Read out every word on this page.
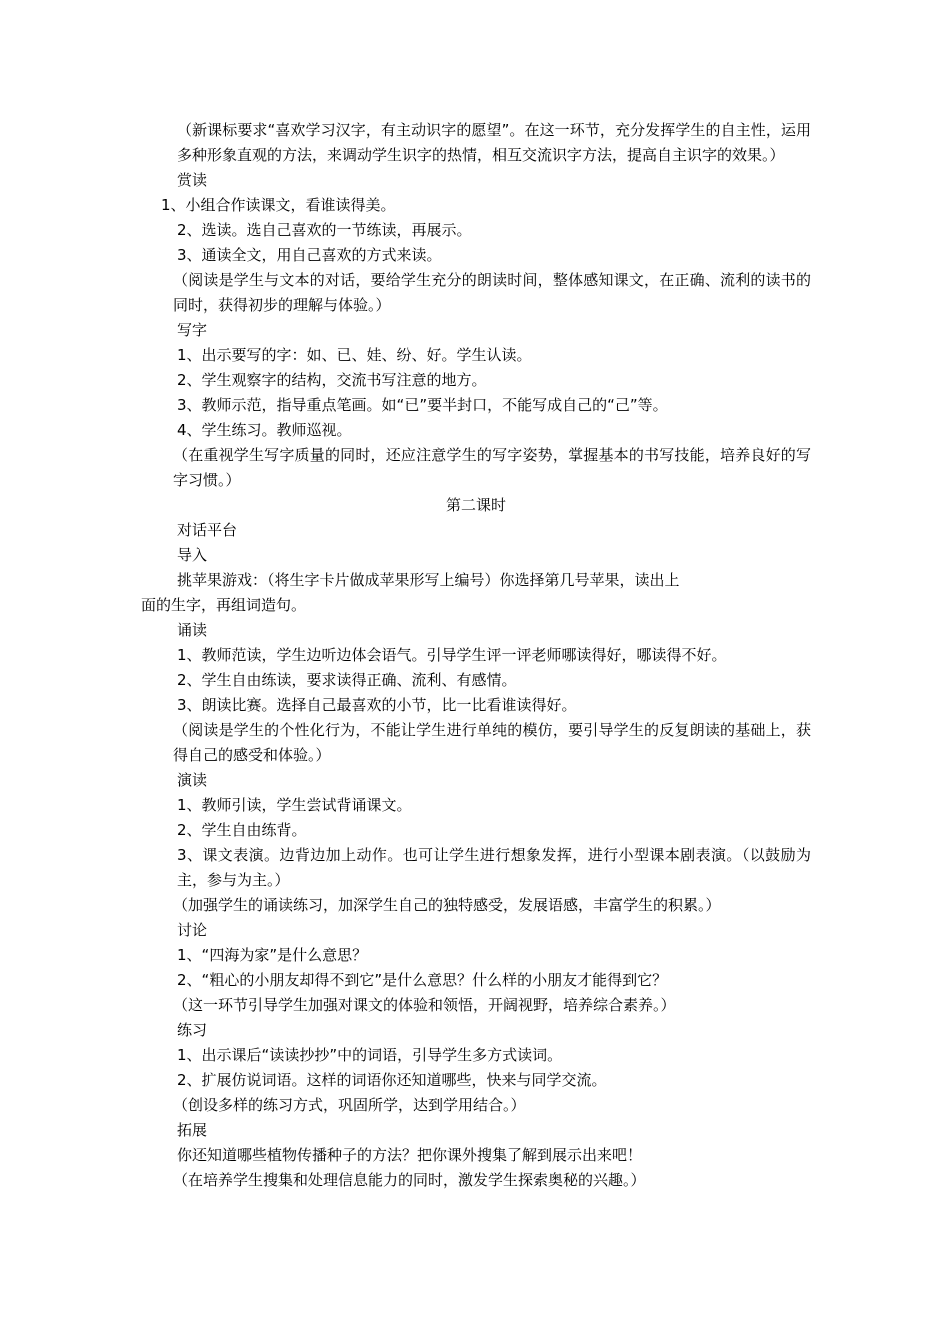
（新课标要求“喜欢学习汉字，有主动识字的愿望”。在这一环节，充分发挥学生的自主性，运用多种形象直观的方法，来调动学生识字的热情，相互交流识字方法，提高自主识字的效果。）

赏读

1、小组合作读课文，看谁读得美。

2、选读。选自己喜欢的一节练读，再展示。

3、通读全文，用自己喜欢的方式来读。

（阅读是学生与文本的对话，要给学生充分的朗读时间，整体感知课文，在正确、流利的读书的同时，获得初步的理解与体验。）

写字

1、出示要写的字：如、已、娃、纷、好。学生认读。

2、学生观察字的结构，交流书写注意的地方。

3、教师示范，指导重点笔画。如“已”要半封口，不能写成自己的“己”等。

4、学生练习。教师巡视。

（在重视学生写字质量的同时，还应注意学生的写字姿势，掌握基本的书写技能，培养良好的写字习惯。）

第二课时

对话平台

导入

挑苹果游戏：（将生字卡片做成苹果形写上编号）你选择第几号苹果，读出上

面的生字，再组词造句。

诵读

1、教师范读，学生边听边体会语气。引导学生评一评老师哪读得好，哪读得不好。

2、学生自由练读，要求读得正确、流利、有感情。

3、朗读比赛。选择自己最喜欢的小节，比一比看谁读得好。

（阅读是学生的个性化行为，不能让学生进行单纯的模仿，要引导学生的反复朗读的基础上，获得自己的感受和体验。）

演读

1、教师引读，学生尝试背诵课文。

2、学生自由练背。

3、课文表演。边背边加上动作。也可让学生进行想象发挥，进行小型课本剧表演。（以鼓励为主，参与为主。）

（加强学生的诵读练习，加深学生自己的独特感受，发展语感，丰富学生的积累。）

讨论

1、“四海为家”是什么意思？

2、“粗心的小朋友却得不到它”是什么意思？什么样的小朋友才能得到它？

（这一环节引导学生加强对课文的体验和领悟，开阔视野，培养综合素养。）

练习

1、出示课后“读读抄抄”中的词语，引导学生多方式读词。

2、扩展仿说词语。这样的词语你还知道哪些，快来与同学交流。

（创设多样的练习方式，巩固所学，达到学用结合。）

拓展

你还知道哪些植物传播种子的方法？把你课外搜集了解到展示出来吧！

（在培养学生搜集和处理信息能力的同时，激发学生探索奥秘的兴趣。）
